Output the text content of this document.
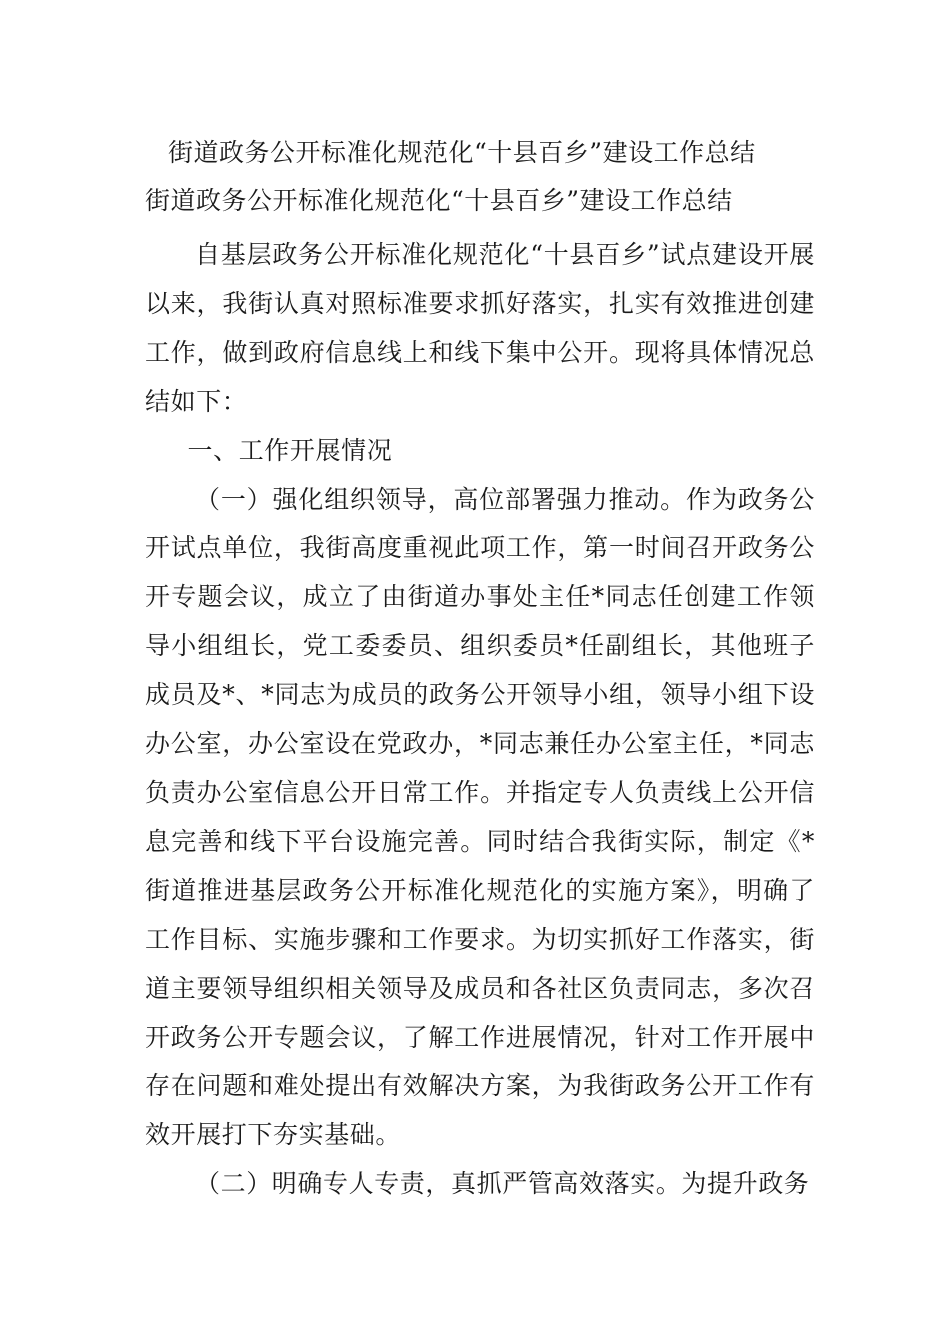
街道政务公开标准化规范化“十县百乡”建设工作总结
街道政务公开标准化规范化“十县百乡”建设工作总结

自基层政务公开标准化规范化“十县百乡”试点建设开展以来，我街认真对照标准要求抓好落实，扎实有效推进创建工作，做到政府信息线上和线下集中公开。现将具体情况总结如下：

一、工作开展情况

（一）强化组织领导，高位部署强力推动。作为政务公开试点单位，我街高度重视此项工作，第一时间召开政务公开专题会议，成立了由街道办事处主任*同志任创建工作领导小组组长，党工委委员、组织委员*任副组长，其他班子成员及*、*同志为成员的政务公开领导小组，领导小组下设办公室，办公室设在党政办，*同志兼任办公室主任，*同志负责办公室信息公开日常工作。并指定专人负责线上公开信息完善和线下平台设施完善。同时结合我街实际，制定《*街道推进基层政务公开标准化规范化的实施方案》，明确了工作目标、实施步骤和工作要求。为切实抓好工作落实，街道主要领导组织相关领导及成员和各社区负责同志，多次召开政务公开专题会议，了解工作进展情况，针对工作开展中存在问题和难处提出有效解决方案，为我街政务公开工作有效开展打下夯实基础。

（二）明确专人专责，真抓严管高效落实。为提升政务
